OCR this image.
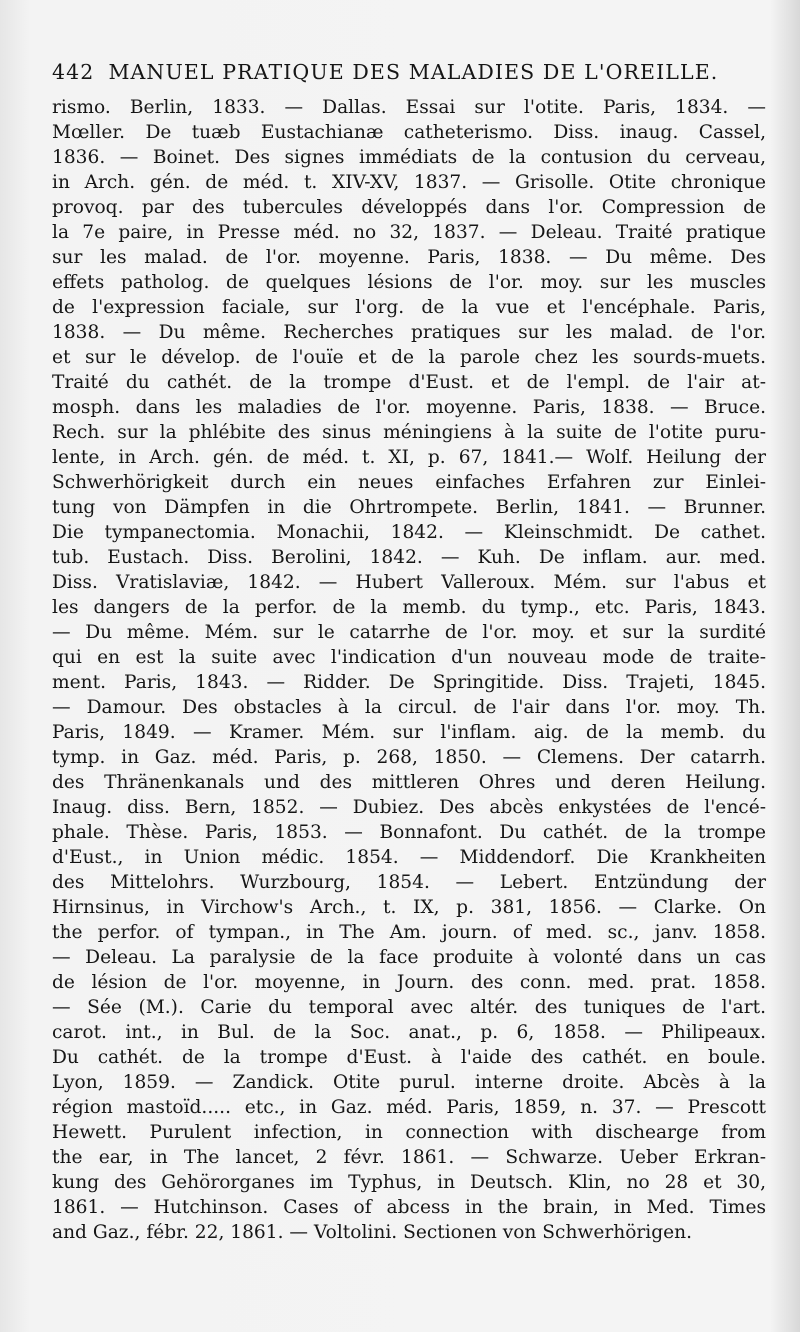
442 MANUEL PRATIQUE DES MALADIES DE L'OREILLE.
rismo. Berlin, 1833. — Dallas. Essai sur l'otite. Paris, 1834. —
Mœller. De tuæb Eustachianæ catheterismo. Diss. inaug. Cassel,
1836. — Boinet. Des signes immédiats de la contusion du cerveau,
in Arch. gén. de méd. t. XIV-XV, 1837. — Grisolle. Otite chronique
provoq. par des tubercules développés dans l'or. Compression de
la 7e paire, in Presse méd. no 32, 1837. — Deleau. Traité pratique
sur les malad. de l'or. moyenne. Paris, 1838. — Du même. Des
effets patholog. de quelques lésions de l'or. moy. sur les muscles
de l'expression faciale, sur l'org. de la vue et l'encéphale. Paris,
1838. — Du même. Recherches pratiques sur les malad. de l'or.
et sur le dévelop. de l'ouïe et de la parole chez les sourds-muets.
Traité du cathét. de la trompe d'Eust. et de l'empl. de l'air at-
mosph. dans les maladies de l'or. moyenne. Paris, 1838. — Bruce.
Rech. sur la phlébite des sinus méningiens à la suite de l'otite puru-
lente, in Arch. gén. de méd. t. XI, p. 67, 1841.— Wolf. Heilung der
Schwerhörigkeit durch ein neues einfaches Erfahren zur Einlei-
tung von Dämpfen in die Ohrtrompete. Berlin, 1841. — Brunner.
Die tympanectomia. Monachii, 1842. — Kleinschmidt. De cathet.
tub. Eustach. Diss. Berolini, 1842. — Kuh. De inflam. aur. med.
Diss. Vratislaviæ, 1842. — Hubert Valleroux. Mém. sur l'abus et
les dangers de la perfor. de la memb. du tymp., etc. Paris, 1843.
— Du même. Mém. sur le catarrhe de l'or. moy. et sur la surdité
qui en est la suite avec l'indication d'un nouveau mode de traite-
ment. Paris, 1843. — Ridder. De Springitide. Diss. Trajeti, 1845.
— Damour. Des obstacles à la circul. de l'air dans l'or. moy. Th.
Paris, 1849. — Kramer. Mém. sur l'inflam. aig. de la memb. du
tymp. in Gaz. méd. Paris, p. 268, 1850. — Clemens. Der catarrh.
des Thränenkanals und des mittleren Ohres und deren Heilung.
Inaug. diss. Bern, 1852. — Dubiez. Des abcès enkystées de l'encé-
phale. Thèse. Paris, 1853. — Bonnafont. Du cathét. de la trompe
d'Eust., in Union médic. 1854. — Middendorf. Die Krankheiten
des Mittelohrs. Wurzbourg, 1854. — Lebert. Entzündung der
Hirnsinus, in Virchow's Arch., t. IX, p. 381, 1856. — Clarke. On
the perfor. of tympan., in The Am. journ. of med. sc., janv. 1858.
— Deleau. La paralysie de la face produite à volonté dans un cas
de lésion de l'or. moyenne, in Journ. des conn. med. prat. 1858.
— Sée (M.). Carie du temporal avec altér. des tuniques de l'art.
carot. int., in Bul. de la Soc. anat., p. 6, 1858. — Philipeaux.
Du cathét. de la trompe d'Eust. à l'aide des cathét. en boule.
Lyon, 1859. — Zandick. Otite purul. interne droite. Abcès à la
région mastoïd..... etc., in Gaz. méd. Paris, 1859, n. 37. — Prescott
Hewett. Purulent infection, in connection with dischearge from
the ear, in The lancet, 2 févr. 1861. — Schwarze. Ueber Erkran-
kung des Gehörorganes im Typhus, in Deutsch. Klin, no 28 et 30,
1861. — Hutchinson. Cases of abcess in the brain, in Med. Times
and Gaz., fébr. 22, 1861. — Voltolini. Sectionen von Schwerhörigen.
